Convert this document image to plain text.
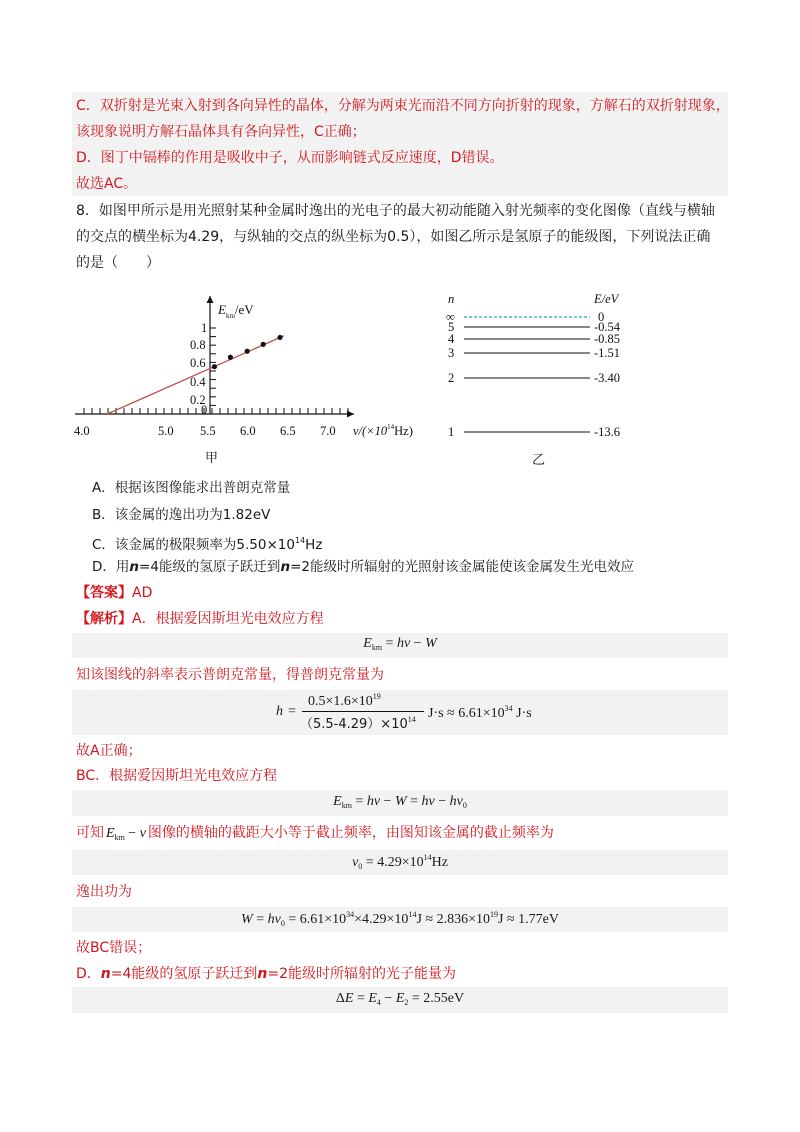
C．双折射是光束入射到各向异性的晶体，分解为两束光而沿不同方向折射的现象，方解石的双折射现象，
该现象说明方解石晶体具有各向异性，C正确；
D．图丁中镉棒的作用是吸收中子，从而影响链式反应速度，D错误。
故选AC。
8．如图甲所示是用光照射某种金属时逸出的光电子的最大初动能随入射光频率的变化图像（直线与横轴
的交点的横坐标为4.29，与纵轴的交点的纵坐标为0.5），如图乙所示是氢原子的能级图，下列说法正确
的是（　　）
4.0	5.0 5.5 6.0 6.5 7.0
1
0.8
0.6
0.4
0.2
0
$E_{km}/eV$
$\nu/(\times 10^{14}Hz)$
甲
n	E/eV
∞	0
5	-0.54
4	-0.85
3	-1.51
2	-3.40
1	-13.6
乙
A．根据该图像能求出普朗克常量
B．该金属的逸出功为1.82eV
C．该金属的极限频率为$5.50\times 10^{14}Hz$
D．用n=4能级的氢原子跃迁到n=2能级时所辐射的光照射该金属能使该金属发生光电效应
【答案】AD
【解析】A．根据爱因斯坦光电效应方程
$E_{km} = h\nu - W$
知该图线的斜率表示普朗克常量，得普朗克常量为
h =
$0.5\times 1.6\times 10^{19}$
$(5.5-4.29)\times 10^{14}$ $J\cdot s \approx 6.61\times 10^{34}$ J·s
故A正确；
BC．根据爱因斯坦光电效应方程
$E_{km} = h\nu - W = h\nu - h\nu_0$
可知 $E_{km} - \nu$ 图像的横轴的截距大小等于截止频率，由图知该金属的截止频率为
$\nu_0 = 4.29\times 10^{14}Hz$
逸出功为
$W = h\nu_0 = 6.61\times 10^{34}\times 4.29\times 10^{14}J \approx 2.836\times 10^{19}J \approx 1.77eV$
故BC错误；
D．n=4能级的氢原子跃迁到n=2能级时所辐射的光子能量为
$\Delta E = E_4 - E_2 = 2.55eV$
